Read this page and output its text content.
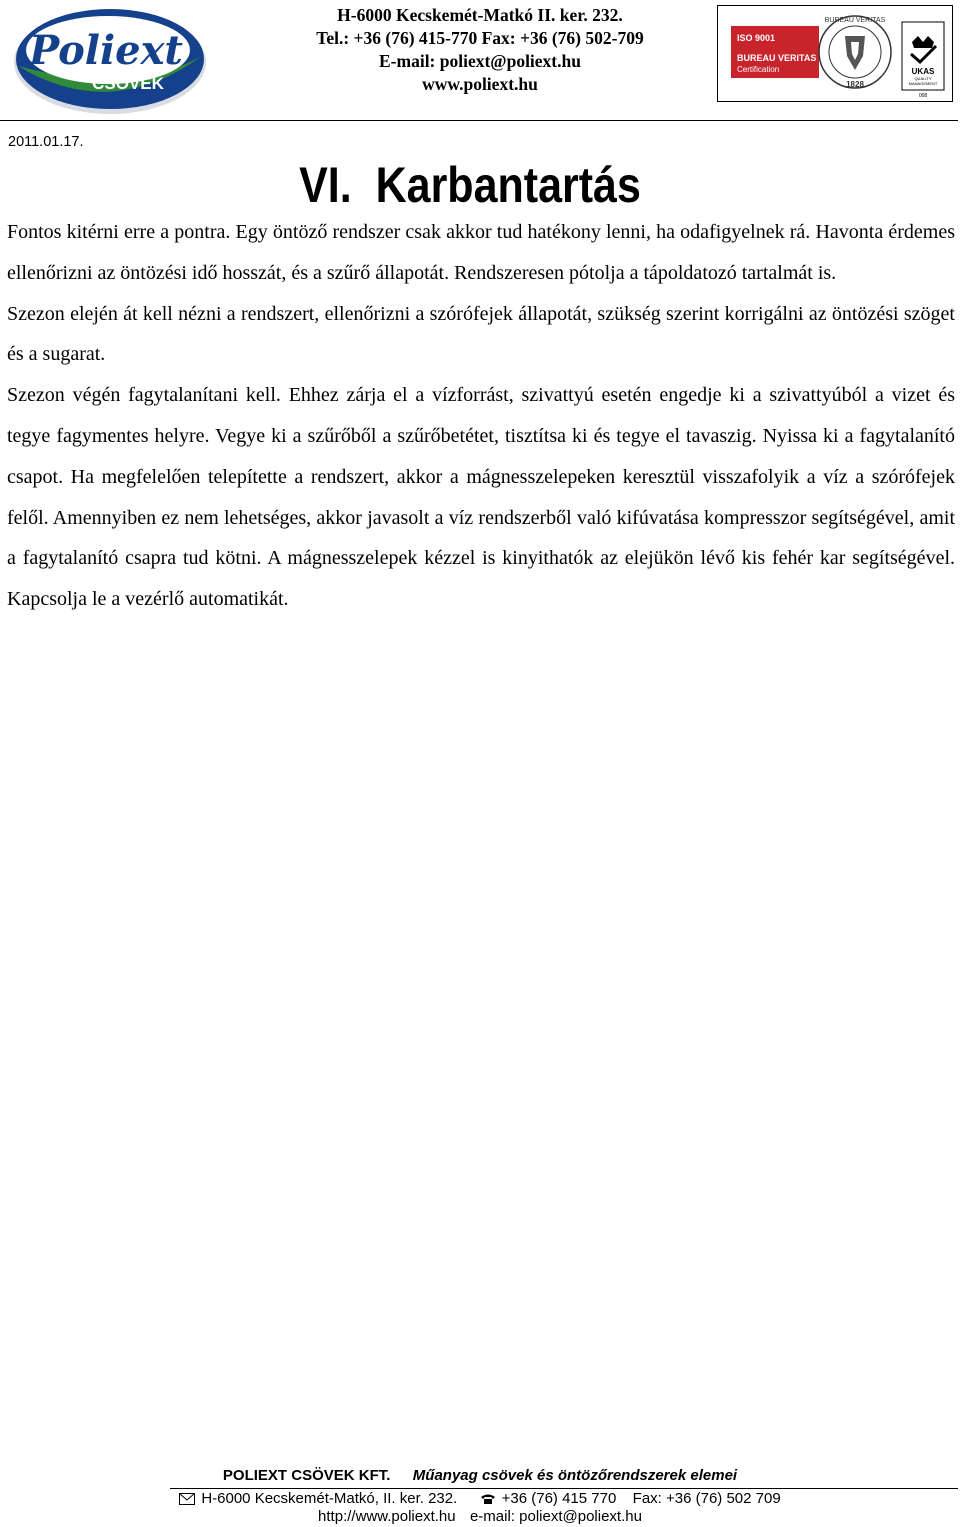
Poliext
CSÖVEK
H-6000 Kecskemét-Matkó II. ker. 232.
Tel.: +36 (76) 415-770 Fax: +36 (76) 502-709
E-mail: poliext@poliext.hu
www.poliext.hu
ISO 9001
BUREAU VERITAS
Certification
BUREAU VERITAS
1828
UKAS
QUALITY
MANAGEMENT
008
2011.01.17.
VI.  Karbantartás

Fontos kitérni erre a pontra. Egy öntöző rendszer csak akkor tud hatékony lenni, ha odafigyelnek rá. Havonta érdemes ellenőrizni az öntözési idő hosszát, és a szűrő állapotát. Rendszeresen pótolja a tápoldatozó tartalmát is.

Szezon elején át kell nézni a rendszert, ellenőrizni a szórófejek állapotát, szükség szerint korrigálni az öntözési szöget és a sugarat.

Szezon végén fagytalanítani kell. Ehhez zárja el a vízforrást, szivattyú esetén engedje ki a szivattyúból a vizet és tegye fagymentes helyre. Vegye ki a szűrőből a szűrőbetétet, tisztítsa ki és tegye el tavaszig. Nyissa ki a fagytalanító csapot. Ha megfelelően telepítette a rendszert, akkor a mágnesszelepeken keresztül visszafolyik a víz a szórófejek felől. Amennyiben ez nem lehetséges, akkor javasolt a víz rendszerből való kifúvatása kompresszor segítségével, amit a fagytalanító csapra tud kötni. A mágnesszelepek kézzel is kinyithatók az elejükön lévő kis fehér kar segítségével. Kapcsolja le a vezérlő automatikát.

POLIEXT CSÖVEK KFT. Műanyag csövek és öntözőrendszerek elemei
H-6000 Kecskemét-Matkó, II. ker. 232.	+36 (76) 415 770 Fax: +36 (76) 502 709
http://www.poliext.hu e-mail: poliext@poliext.hu
